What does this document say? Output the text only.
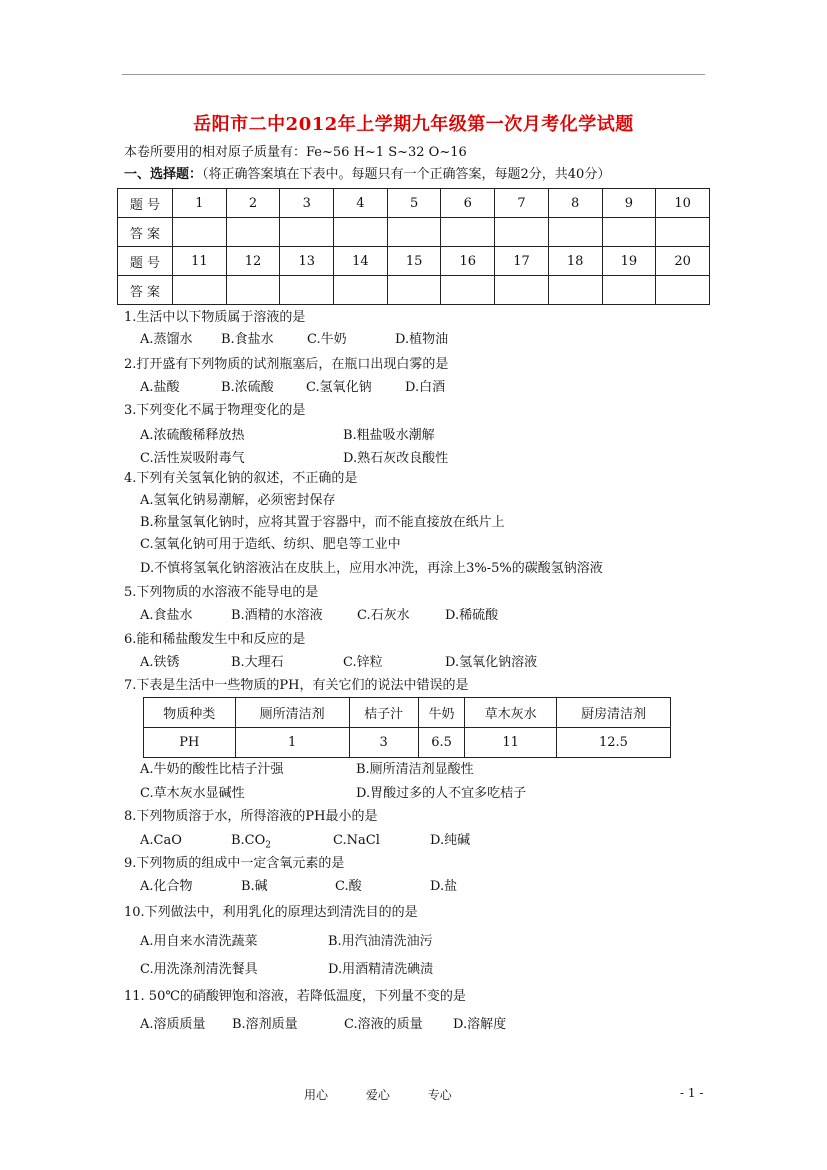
岳阳市二中2012年上学期九年级第一次月考化学试题
本卷所要用的相对原子质量有：Fe~56 H~1 S~32 O~16
一、选择题：（将正确答案填在下表中。每题只有一个正确答案，每题2分，共40分）
题 号	1	2	3	4	5	6	7	8	9	10
答 案										
题 号	11	12	13	14	15	16	17	18	19	20
答 案										
1.生活中以下物质属于溶液的是
A.蒸馏水 B.食盐水	C.牛奶	D.植物油
2.打开盛有下列物质的试剂瓶塞后，在瓶口出现白雾的是
A.盐酸	B.浓硫酸 C.氢氧化钠	D.白酒
3.下列变化不属于物理变化的是
A.浓硫酸稀释放热	B.粗盐吸水潮解
C.活性炭吸附毒气	D.熟石灰改良酸性
4.下列有关氢氧化钠的叙述，不正确的是
A.氢氧化钠易潮解，必须密封保存
B.称量氢氧化钠时，应将其置于容器中，而不能直接放在纸片上
C.氢氧化钠可用于造纸、纺织、肥皂等工业中
D.不慎将氢氧化钠溶液沾在皮肤上，应用水冲洗，再涂上3%-5%的碳酸氢钠溶液
5.下列物质的水溶液不能导电的是
A.食盐水	B.酒精的水溶液	C.石灰水	D.稀硫酸
6.能和稀盐酸发生中和反应的是
A.铁锈	B.大理石	C.锌粒	D.氢氧化钠溶液
7.下表是生活中一些物质的PH，有关它们的说法中错误的是
物质种类	厕所清洁剂	桔子汁	牛奶	草木灰水	厨房清洁剂
PH	1	3	6.5	11	12.5
A.牛奶的酸性比桔子汁强	B.厕所清洁剂显酸性
C.草木灰水显碱性	D.胃酸过多的人不宜多吃桔子
8.下列物质溶于水，所得溶液的PH最小的是
A.CaO	$B.CO_2$	C.NaCl	D.纯碱
9.下列物质的组成中一定含氧元素的是
A.化合物	B.碱	C.酸	D.盐
10.下列做法中，利用乳化的原理达到清洗目的的是
A.用自来水清洗蔬菜	B.用汽油清洗油污
C.用洗涤剂清洗餐具	D.用酒精清洗碘渍
11. 50℃的硝酸钾饱和溶液，若降低温度，下列量不变的是
A.溶质质量 B.溶剂质量	C.溶液的质量 D.溶解度
用心	爱心	专心	- 1 -
